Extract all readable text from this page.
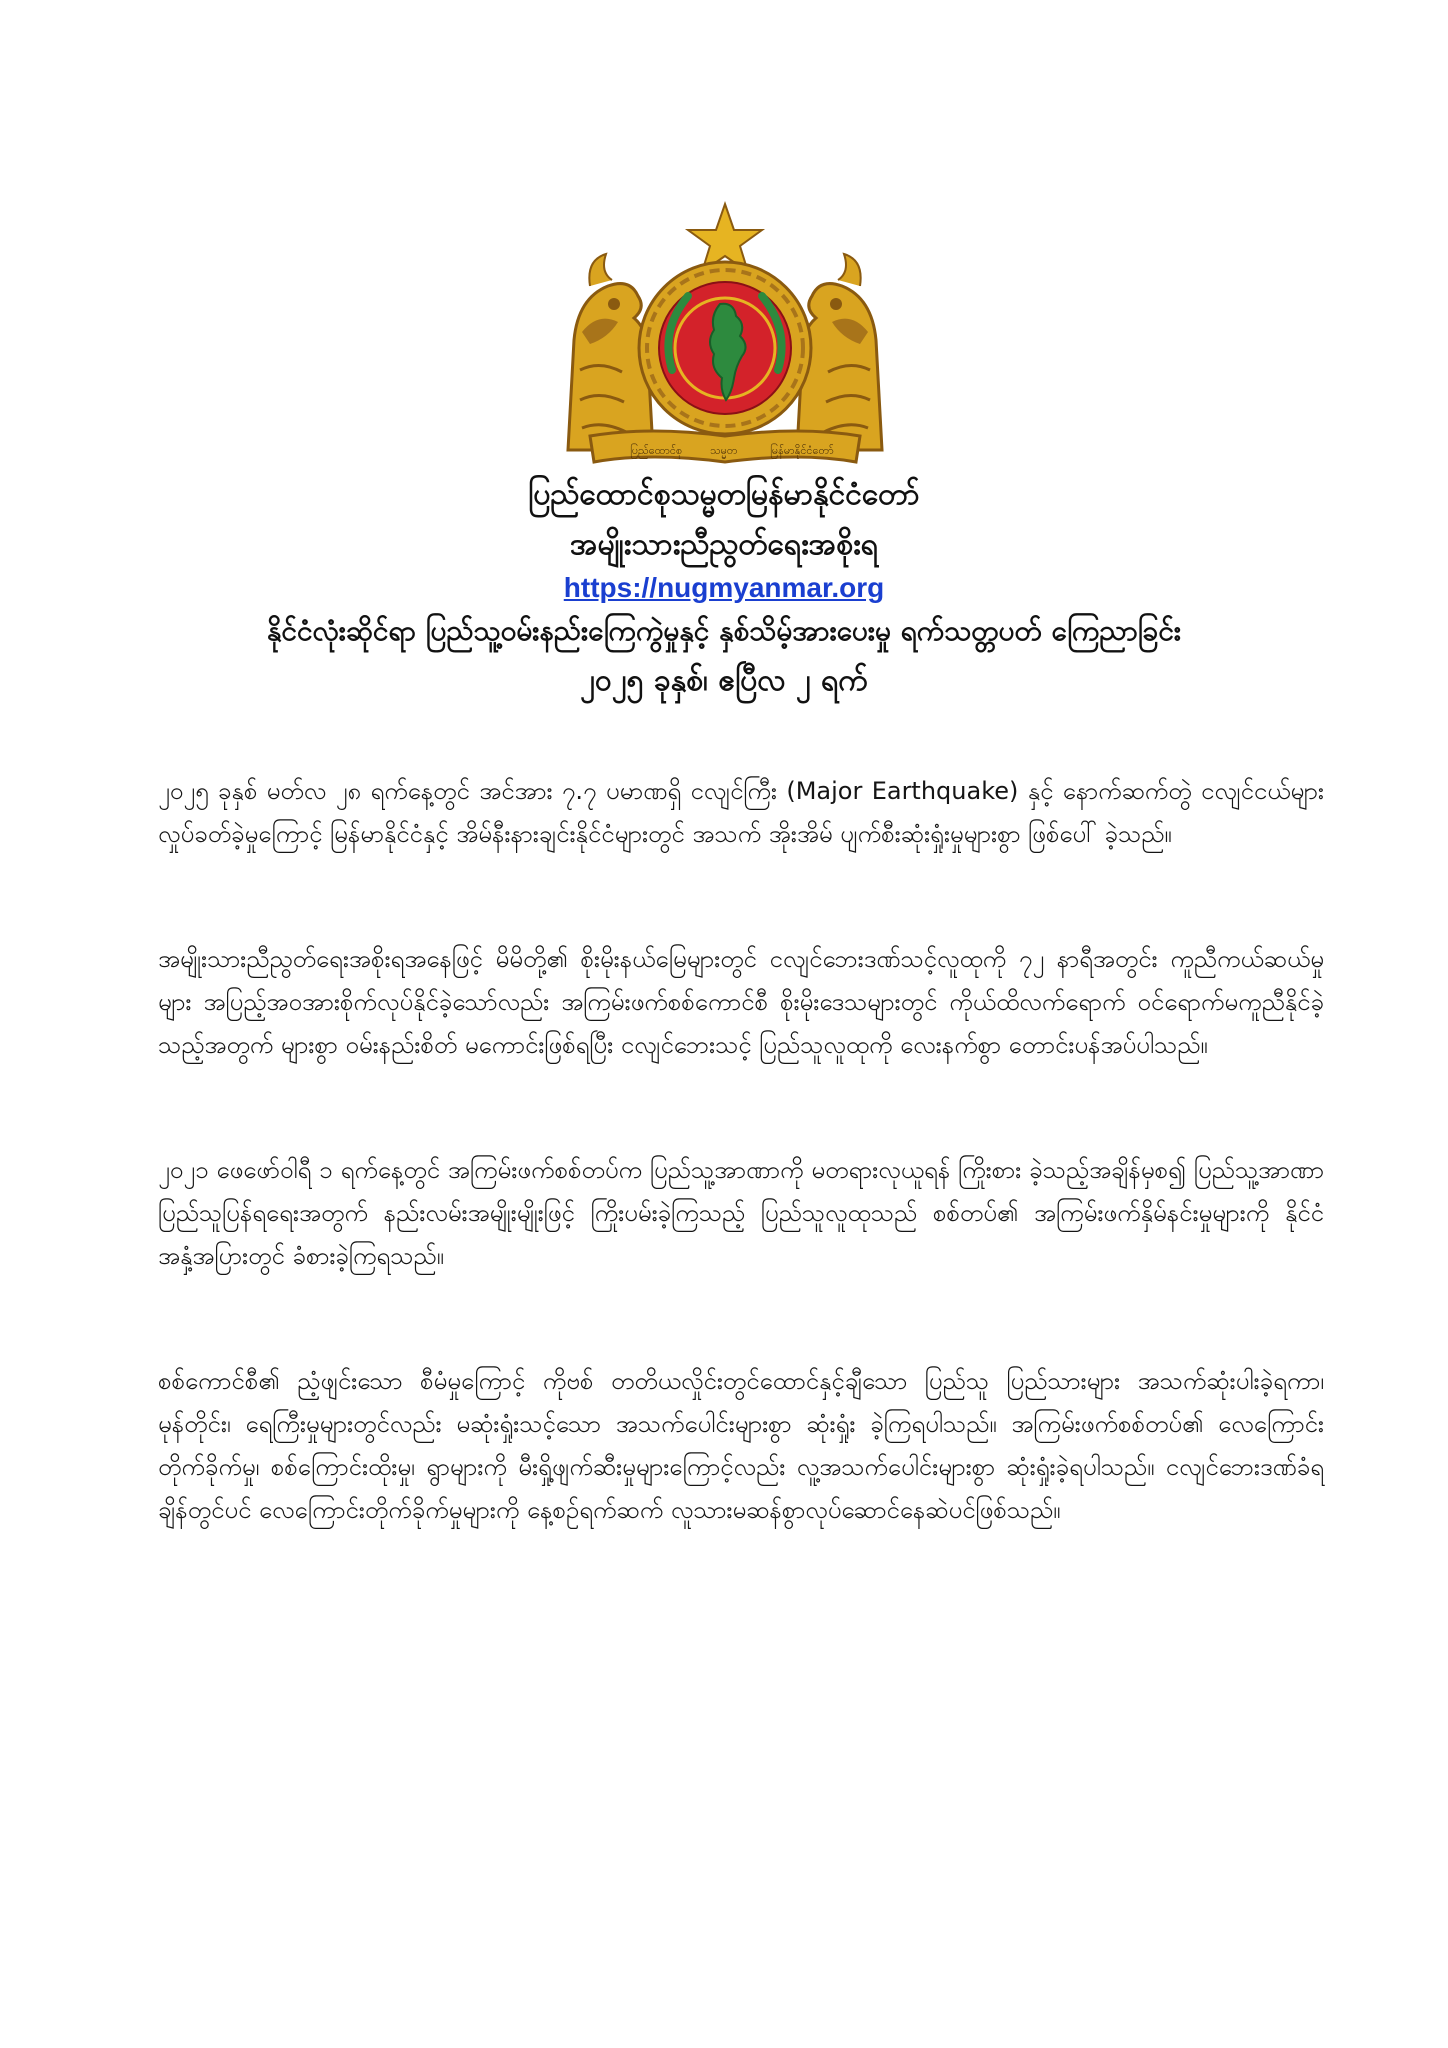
ပြည်ထောင်စု	သမ္မတ	မြန်မာနိုင်ငံတော်
ပြည်ထောင်စုသမ္မတမြန်မာနိုင်ငံတော်
အမျိုးသားညီညွတ်ရေးအစိုးရ
https://nugmyanmar.org
နိုင်ငံလုံးဆိုင်ရာ ပြည်သူ့ဝမ်းနည်းကြေကွဲမှုနှင့် နှစ်သိမ့်အားပေးမှု ရက်သတ္တပတ် ကြေညာခြင်း
၂၀၂၅ ခုနှစ်၊ ဧပြီလ ၂ ရက်

၂၀၂၅ ခုနှစ် မတ်လ ၂၈ ရက်နေ့တွင် အင်အား ၇.၇ ပမာဏရှိ ငလျင်ကြီး (Major Earthquake) နှင့် နောက်ဆက်တွဲ ငလျင်ငယ်များ လှုပ်ခတ်ခဲ့မှုကြောင့် မြန်မာနိုင်ငံနှင့် အိမ်နီးနားချင်းနိုင်ငံများတွင် အသက် အိုးအိမ် ပျက်စီးဆုံးရှုံးမှုများစွာ ဖြစ်ပေါ် ခဲ့သည်။

အမျိုးသားညီညွတ်ရေးအစိုးရအနေဖြင့် မိမိတို့၏ စိုးမိုးနယ်မြေများတွင် ငလျင်ဘေးဒဏ်သင့်လူထုကို ၇၂ နာရီအတွင်း ကူညီကယ်ဆယ်မှုများ အပြည့်အဝအားစိုက်လုပ်နိုင်ခဲ့သော်လည်း အကြမ်းဖက်စစ်ကောင်စီ စိုးမိုးဒေသများတွင် ကိုယ်ထိလက်ရောက် ဝင်ရောက်မကူညီနိုင်ခဲ့သည့်အတွက် များစွာ ဝမ်းနည်းစိတ် မကောင်းဖြစ်ရပြီး ငလျင်ဘေးသင့် ပြည်သူလူထုကို လေးနက်စွာ တောင်းပန်အပ်ပါသည်။

၂၀၂၁ ဖေဖော်ဝါရီ ၁ ရက်နေ့တွင် အကြမ်းဖက်စစ်တပ်က ပြည်သူ့အာဏာကို မတရားလုယူရန် ကြိုးစား ခဲ့သည့်အချိန်မှစ၍ ပြည်သူ့အာဏာ ပြည်သူပြန်ရရေးအတွက် နည်းလမ်းအမျိုးမျိုးဖြင့် ကြိုးပမ်းခဲ့ကြသည့် ပြည်သူလူထုသည် စစ်တပ်၏ အကြမ်းဖက်နှိမ်နင်းမှုများကို နိုင်ငံအနှံ့အပြားတွင် ခံစားခဲ့ကြရသည်။

စစ်ကောင်စီ၏ ညံ့ဖျင်းသော စီမံမှုကြောင့် ကိုဗစ် တတိယလှိုင်းတွင်ထောင်နှင့်ချီသော ပြည်သူ ပြည်သားများ အသက်ဆုံးပါးခဲ့ရကာ၊ မုန်တိုင်း၊ ရေကြီးမှုများတွင်လည်း မဆုံးရှုံးသင့်သော အသက်ပေါင်းများစွာ ဆုံးရှုံး ခဲ့ကြရပါသည်။ အကြမ်းဖက်စစ်တပ်၏ လေကြောင်းတိုက်ခိုက်မှု၊ စစ်ကြောင်းထိုးမှု၊ ရွာများကို မီးရှို့ဖျက်ဆီးမှုများကြောင့်လည်း လူ့အသက်ပေါင်းများစွာ ဆုံးရှုံးခဲ့ရပါသည်။ ငလျင်ဘေးဒဏ်ခံရချိန်တွင်ပင် လေကြောင်းတိုက်ခိုက်မှုများကို နေ့စဉ်ရက်ဆက် လူသားမဆန်စွာလုပ်ဆောင်နေဆဲပင်ဖြစ်သည်။
